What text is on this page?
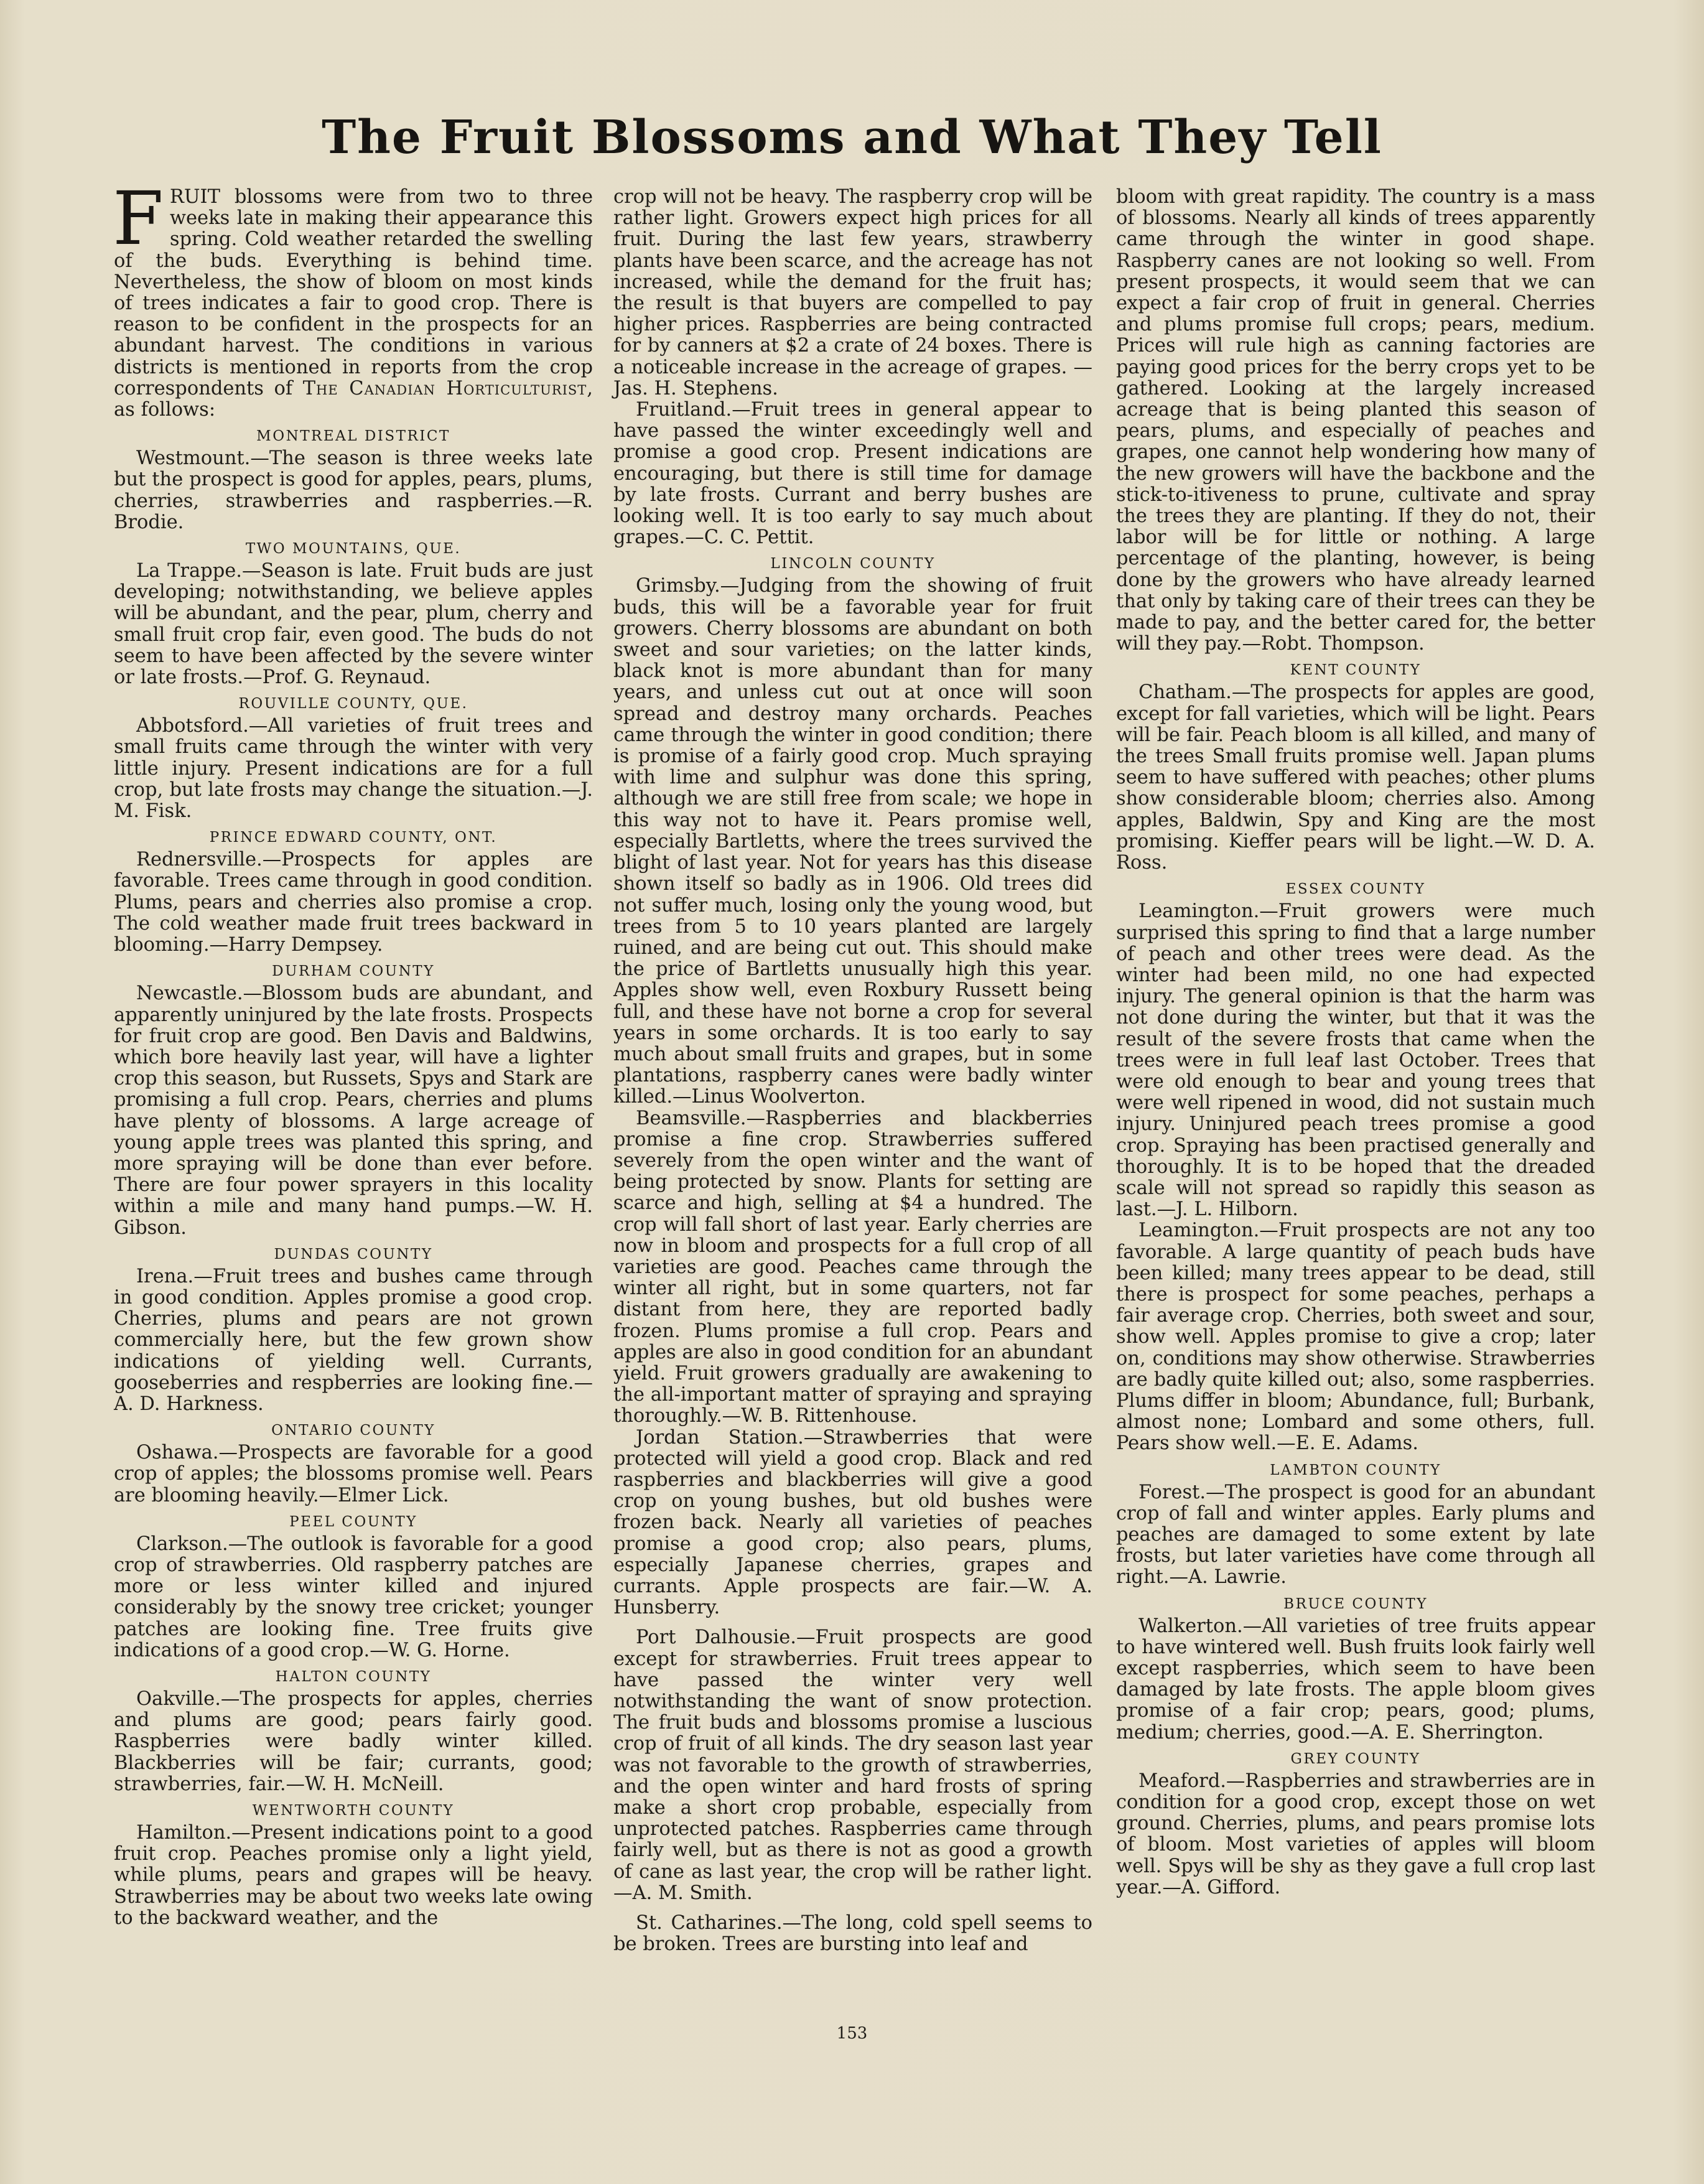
The Fruit Blossoms and What They Tell

FRUIT blossoms were from two to three weeks late in making their appearance this spring. Cold weather retarded the swelling of the buds. Everything is behind time. Nevertheless, the show of bloom on most kinds of trees indicates a fair to good crop. There is reason to be confident in the prospects for an abundant harvest. The conditions in various districts is mentioned in reports from the crop correspondents of The Canadian Horticulturist, as follows:

MONTREAL DISTRICT

Westmount.—The season is three weeks late but the prospect is good for apples, pears, plums, cherries, strawberries and raspberries.—R. Brodie.

TWO MOUNTAINS, QUE.

La Trappe.—Season is late. Fruit buds are just developing; notwithstanding, we believe apples will be abundant, and the pear, plum, cherry and small fruit crop fair, even good. The buds do not seem to have been affected by the severe winter or late frosts.—Prof. G. Reynaud.

ROUVILLE COUNTY, QUE.

Abbotsford.—All varieties of fruit trees and small fruits came through the winter with very little injury. Present indications are for a full crop, but late frosts may change the situation.—J. M. Fisk.

PRINCE EDWARD COUNTY, ONT.

Rednersville.—Prospects for apples are favorable. Trees came through in good condition. Plums, pears and cherries also promise a crop. The cold weather made fruit trees backward in blooming.—Harry Dempsey.

DURHAM COUNTY

Newcastle.—Blossom buds are abundant, and apparently uninjured by the late frosts. Prospects for fruit crop are good. Ben Davis and Baldwins, which bore heavily last year, will have a lighter crop this season, but Russets, Spys and Stark are promising a full crop. Pears, cherries and plums have plenty of blossoms. A large acreage of young apple trees was planted this spring, and more spraying will be done than ever before. There are four power sprayers in this locality within a mile and many hand pumps.—W. H. Gibson.

DUNDAS COUNTY

Irena.—Fruit trees and bushes came through in good condition. Apples promise a good crop. Cherries, plums and pears are not grown commercially here, but the few grown show indications of yielding well. Currants, gooseberries and respberries are looking fine.—A. D. Harkness.

ONTARIO COUNTY

Oshawa.—Prospects are favorable for a good crop of apples; the blossoms promise well. Pears are blooming heavily.—Elmer Lick.

PEEL COUNTY

Clarkson.—The outlook is favorable for a good crop of strawberries. Old raspberry patches are more or less winter killed and injured considerably by the snowy tree cricket; younger patches are looking fine. Tree fruits give indications of a good crop.—W. G. Horne.

HALTON COUNTY

Oakville.—The prospects for apples, cherries and plums are good; pears fairly good. Raspberries were badly winter killed. Blackberries will be fair; currants, good; strawberries, fair.—W. H. McNeill.

WENTWORTH COUNTY

Hamilton.—Present indications point to a good fruit crop. Peaches promise only a light yield, while plums, pears and grapes will be heavy. Strawberries may be about two weeks late owing to the backward weather, and the

crop will not be heavy. The raspberry crop will be rather light. Growers expect high prices for all fruit. During the last few years, strawberry plants have been scarce, and the acreage has not increased, while the demand for the fruit has; the result is that buyers are compelled to pay higher prices. Raspberries are being contracted for by canners at $2 a crate of 24 boxes. There is a noticeable increase in the acreage of grapes. — Jas. H. Stephens.

Fruitland.—Fruit trees in general appear to have passed the winter exceedingly well and promise a good crop. Present indications are encouraging, but there is still time for damage by late frosts. Currant and berry bushes are looking well. It is too early to say much about grapes.—C. C. Pettit.

LINCOLN COUNTY

Grimsby.—Judging from the showing of fruit buds, this will be a favorable year for fruit growers. Cherry blossoms are abundant on both sweet and sour varieties; on the latter kinds, black knot is more abundant than for many years, and unless cut out at once will soon spread and destroy many orchards. Peaches came through the winter in good condition; there is promise of a fairly good crop. Much spraying with lime and sulphur was done this spring, although we are still free from scale; we hope in this way not to have it. Pears promise well, especially Bartletts, where the trees survived the blight of last year. Not for years has this disease shown itself so badly as in 1906. Old trees did not suffer much, losing only the young wood, but trees from 5 to 10 years planted are largely ruined, and are being cut out. This should make the price of Bartletts unusually high this year. Apples show well, even Roxbury Russett being full, and these have not borne a crop for several years in some orchards. It is too early to say much about small fruits and grapes, but in some plantations, raspberry canes were badly winter killed.—Linus Woolverton.

Beamsville.—Raspberries and blackberries promise a fine crop. Strawberries suffered severely from the open winter and the want of being protected by snow. Plants for setting are scarce and high, selling at $4 a hundred. The crop will fall short of last year. Early cherries are now in bloom and prospects for a full crop of all varieties are good. Peaches came through the winter all right, but in some quarters, not far distant from here, they are reported badly frozen. Plums promise a full crop. Pears and apples are also in good condition for an abundant yield. Fruit growers gradually are awakening to the all-important matter of spraying and spraying thoroughly.—W. B. Rittenhouse.

Jordan Station.—Strawberries that were protected will yield a good crop. Black and red raspberries and blackberries will give a good crop on young bushes, but old bushes were frozen back. Nearly all varieties of peaches promise a good crop; also pears, plums, especially Japanese cherries, grapes and currants. Apple prospects are fair.—W. A. Hunsberry.

Port Dalhousie.—Fruit prospects are good except for strawberries. Fruit trees appear to have passed the winter very well notwithstanding the want of snow protection. The fruit buds and blossoms promise a luscious crop of fruit of all kinds. The dry season last year was not favorable to the growth of strawberries, and the open winter and hard frosts of spring make a short crop probable, especially from unprotected patches. Raspberries came through fairly well, but as there is not as good a growth of cane as last year, the crop will be rather light.—A. M. Smith.

St. Catharines.—The long, cold spell seems to be broken. Trees are bursting into leaf and

bloom with great rapidity. The country is a mass of blossoms. Nearly all kinds of trees apparently came through the winter in good shape. Raspberry canes are not looking so well. From present prospects, it would seem that we can expect a fair crop of fruit in general. Cherries and plums promise full crops; pears, medium. Prices will rule high as canning factories are paying good prices for the berry crops yet to be gathered. Looking at the largely increased acreage that is being planted this season of pears, plums, and especially of peaches and grapes, one cannot help wondering how many of the new growers will have the backbone and the stick-to-itiveness to prune, cultivate and spray the trees they are planting. If they do not, their labor will be for little or nothing. A large percentage of the planting, however, is being done by the growers who have already learned that only by taking care of their trees can they be made to pay, and the better cared for, the better will they pay.—Robt. Thompson.

KENT COUNTY

Chatham.—The prospects for apples are good, except for fall varieties, which will be light. Pears will be fair. Peach bloom is all killed, and many of the trees Small fruits promise well. Japan plums seem to have suffered with peaches; other plums show considerable bloom; cherries also. Among apples, Baldwin, Spy and King are the most promising. Kieffer pears will be light.—W. D. A. Ross.

ESSEX COUNTY

Leamington.—Fruit growers were much surprised this spring to find that a large number of peach and other trees were dead. As the winter had been mild, no one had expected injury. The general opinion is that the harm was not done during the winter, but that it was the result of the severe frosts that came when the trees were in full leaf last October. Trees that were old enough to bear and young trees that were well ripened in wood, did not sustain much injury. Uninjured peach trees promise a good crop. Spraying has been practised generally and thoroughly. It is to be hoped that the dreaded scale will not spread so rapidly this season as last.—J. L. Hilborn.

Leamington.—Fruit prospects are not any too favorable. A large quantity of peach buds have been killed; many trees appear to be dead, still there is prospect for some peaches, perhaps a fair average crop. Cherries, both sweet and sour, show well. Apples promise to give a crop; later on, conditions may show otherwise. Strawberries are badly quite killed out; also, some raspberries. Plums differ in bloom; Abundance, full; Burbank, almost none; Lombard and some others, full. Pears show well.—E. E. Adams.

LAMBTON COUNTY

Forest.—The prospect is good for an abundant crop of fall and winter apples. Early plums and peaches are damaged to some extent by late frosts, but later varieties have come through all right.—A. Lawrie.

BRUCE COUNTY

Walkerton.—All varieties of tree fruits appear to have wintered well. Bush fruits look fairly well except raspberries, which seem to have been damaged by late frosts. The apple bloom gives promise of a fair crop; pears, good; plums, medium; cherries, good.—A. E. Sherrington.

GREY COUNTY

Meaford.—Raspberries and strawberries are in condition for a good crop, except those on wet ground. Cherries, plums, and pears promise lots of bloom. Most varieties of apples will bloom well. Spys will be shy as they gave a full crop last year.—A. Gifford.

153
